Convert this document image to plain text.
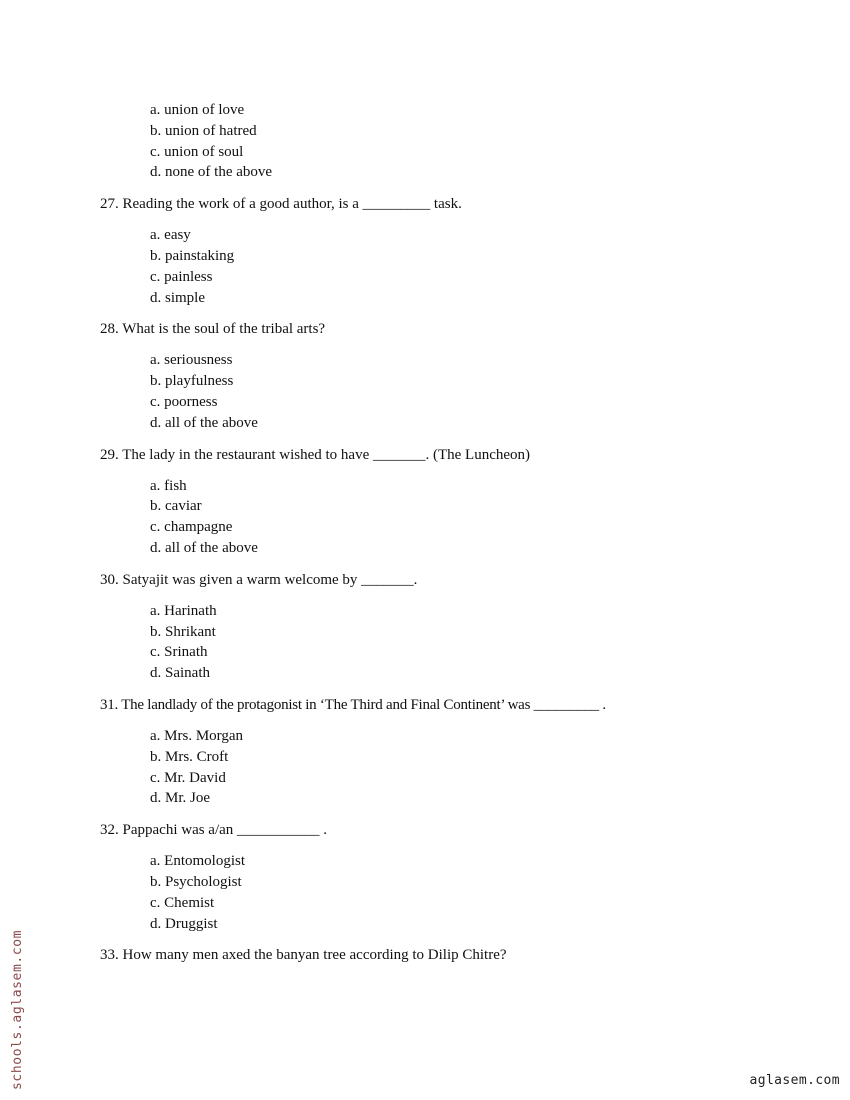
a. union of love
b. union of hatred
c. union of soul
d. none of the above
27. Reading the work of a good author, is a _________ task.
a. easy
b. painstaking
c. painless
d. simple
28. What is the soul of the tribal arts?
a. seriousness
b. playfulness
c. poorness
d. all of the above
29. The lady in the restaurant wished to have _______. (The Luncheon)
a. fish
b. caviar
c. champagne
d. all of the above
30. Satyajit was given a warm welcome by _______.
a. Harinath
b. Shrikant
c. Srinath
d. Sainath
31. The landlady of the protagonist in ‘The Third and Final Continent’ was _________ .
a. Mrs. Morgan
b. Mrs. Croft
c. Mr. David
d. Mr. Joe
32. Pappachi was a/an ___________ .
a. Entomologist
b. Psychologist
c. Chemist
d. Druggist
33. How many men axed the banyan tree according to Dilip Chitre?
schools.aglasem.com	aglasem.com
